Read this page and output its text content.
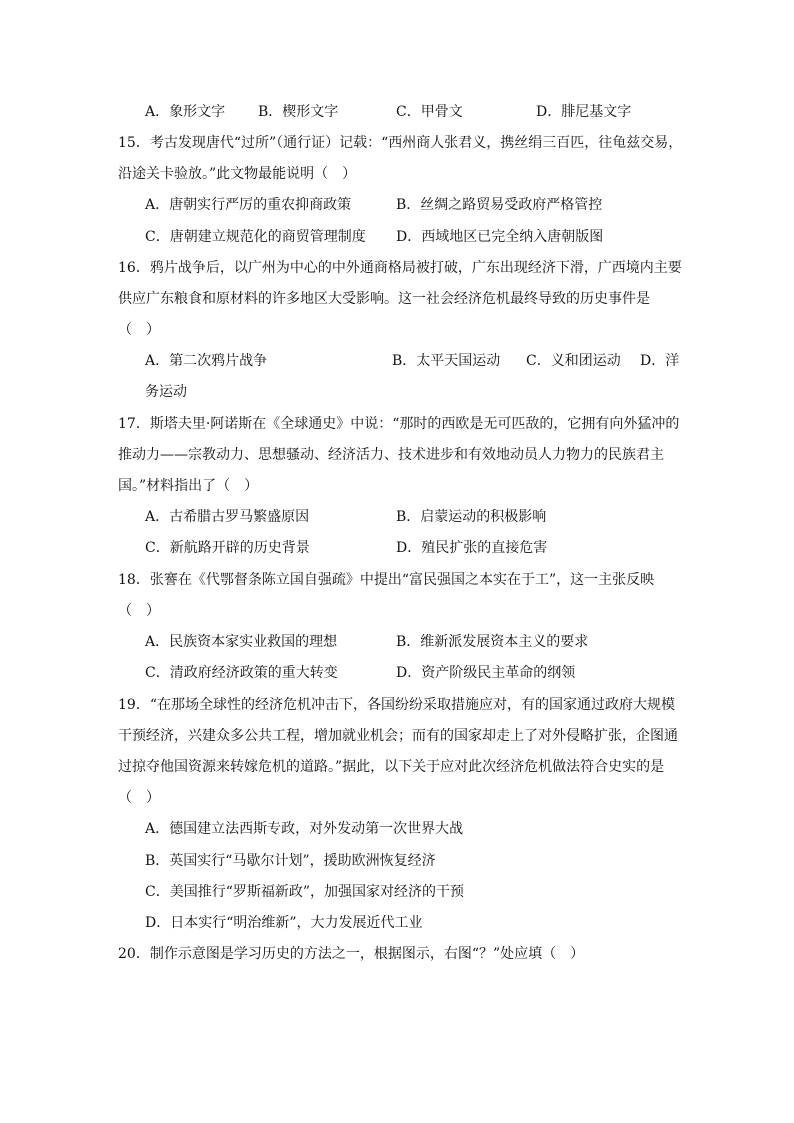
A．象形文字 B．楔形文字	C．甲骨文	D．腓尼基文字
15．考古发现唐代“过所”（通行证）记载：“西州商人张君义，携丝绢三百匹，往龟兹交易，
沿途关卡验放。”此文物最能说明（　）
A．唐朝实行严厉的重农抑商政策	B．丝绸之路贸易受政府严格管控
C．唐朝建立规范化的商贸管理制度 D．西域地区已完全纳入唐朝版图
16．鸦片战争后，以广州为中心的中外通商格局被打破，广东出现经济下滑，广西境内主要
供应广东粮食和原材料的许多地区大受影响。这一社会经济危机最终导致的历史事件是
（　）
A．第二次鸦片战争	B．太平天国运动 C．义和团运动 D．洋
务运动
17．斯塔夫里·阿诺斯在《全球通史》中说：“那时的西欧是无可匹敌的，它拥有向外猛冲的
推动力——宗教动力、思想骚动、经济活力、技术进步和有效地动员人力物力的民族君主
国。”材料指出了（　）
A．古希腊古罗马繁盛原因	B．启蒙运动的积极影响
C．新航路开辟的历史背景	D．殖民扩张的直接危害
18．张謇在《代鄂督条陈立国自强疏》中提出“富民强国之本实在于工”，这一主张反映
（　）
A．民族资本家实业救国的理想	B．维新派发展资本主义的要求
C．清政府经济政策的重大转变	D．资产阶级民主革命的纲领
19．“在那场全球性的经济危机冲击下，各国纷纷采取措施应对，有的国家通过政府大规模
干预经济，兴建众多公共工程，增加就业机会；而有的国家却走上了对外侵略扩张，企图通
过掠夺他国资源来转嫁危机的道路。”据此，以下关于应对此次经济危机做法符合史实的是
（　）
A．德国建立法西斯专政，对外发动第一次世界大战
B．英国实行“马歇尔计划”，援助欧洲恢复经济
C．美国推行“罗斯福新政”，加强国家对经济的干预
D．日本实行“明治维新”，大力发展近代工业
20．制作示意图是学习历史的方法之一，根据图示，右图“？”处应填（　）
